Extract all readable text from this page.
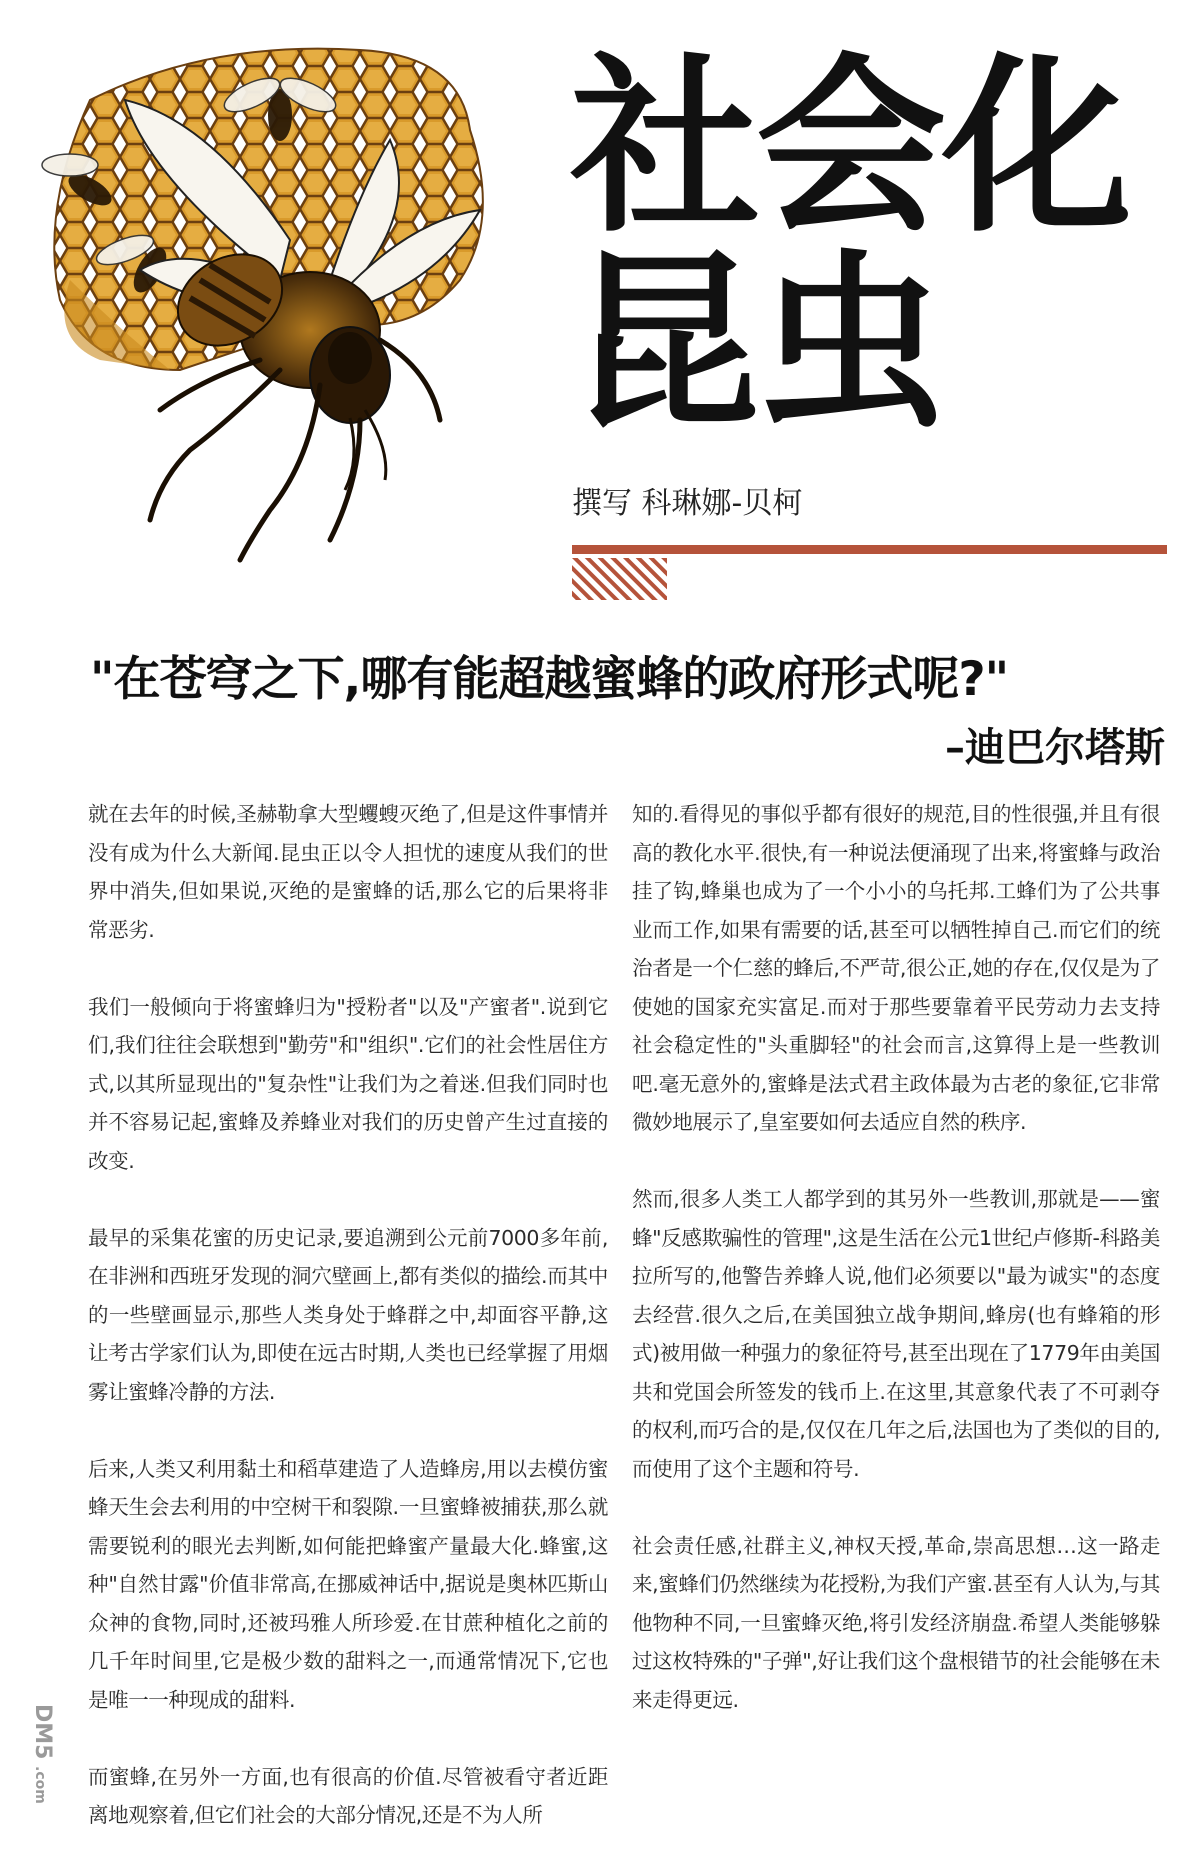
社会化
昆虫
撰写 科琳娜-贝柯
"在苍穹之下,哪有能超越蜜蜂的政府形式呢?"
–迪巴尔塔斯

就在去年的时候,圣赫勒拿大型蠼螋灭绝了,但是这件事情并没有成为什么大新闻.昆虫正以令人担忧的速度从我们的世界中消失,但如果说,灭绝的是蜜蜂的话,那么它的后果将非常恶劣.

我们一般倾向于将蜜蜂归为"授粉者"以及"产蜜者".说到它们,我们往往会联想到"勤劳"和"组织".它们的社会性居住方式,以其所显现出的"复杂性"让我们为之着迷.但我们同时也并不容易记起,蜜蜂及养蜂业对我们的历史曾产生过直接的改变.

最早的采集花蜜的历史记录,要追溯到公元前7000多年前,在非洲和西班牙发现的洞穴壁画上,都有类似的描绘.而其中的一些壁画显示,那些人类身处于蜂群之中,却面容平静,这让考古学家们认为,即使在远古时期,人类也已经掌握了用烟雾让蜜蜂冷静的方法.

后来,人类又利用黏土和稻草建造了人造蜂房,用以去模仿蜜蜂天生会去利用的中空树干和裂隙.一旦蜜蜂被捕获,那么就需要锐利的眼光去判断,如何能把蜂蜜产量最大化.蜂蜜,这种"自然甘露"价值非常高,在挪威神话中,据说是奥林匹斯山众神的食物,同时,还被玛雅人所珍爱.在甘蔗种植化之前的几千年时间里,它是极少数的甜料之一,而通常情况下,它也是唯一一种现成的甜料.

而蜜蜂,在另外一方面,也有很高的价值.尽管被看守者近距离地观察着,但它们社会的大部分情况,还是不为人所

知的.看得见的事似乎都有很好的规范,目的性很强,并且有很高的教化水平.很快,有一种说法便涌现了出来,将蜜蜂与政治挂了钩,蜂巢也成为了一个小小的乌托邦.工蜂们为了公共事业而工作,如果有需要的话,甚至可以牺牲掉自己.而它们的统治者是一个仁慈的蜂后,不严苛,很公正,她的存在,仅仅是为了使她的国家充实富足.而对于那些要靠着平民劳动力去支持社会稳定性的"头重脚轻"的社会而言,这算得上是一些教训吧.毫无意外的,蜜蜂是法式君主政体最为古老的象征,它非常微妙地展示了,皇室要如何去适应自然的秩序.

然而,很多人类工人都学到的其另外一些教训,那就是——蜜蜂"反感欺骗性的管理",这是生活在公元1世纪卢修斯-科路美拉所写的,他警告养蜂人说,他们必须要以"最为诚实"的态度去经营.很久之后,在美国独立战争期间,蜂房(也有蜂箱的形式)被用做一种强力的象征符号,甚至出现在了1779年由美国共和党国会所签发的钱币上.在这里,其意象代表了不可剥夺的权利,而巧合的是,仅仅在几年之后,法国也为了类似的目的,而使用了这个主题和符号.

社会责任感,社群主义,神权天授,革命,崇高思想…这一路走来,蜜蜂们仍然继续为花授粉,为我们产蜜.甚至有人认为,与其他物种不同,一旦蜜蜂灭绝,将引发经济崩盘.希望人类能够躲过这枚特殊的"子弹",好让我们这个盘根错节的社会能够在未来走得更远.

DM5
.com
